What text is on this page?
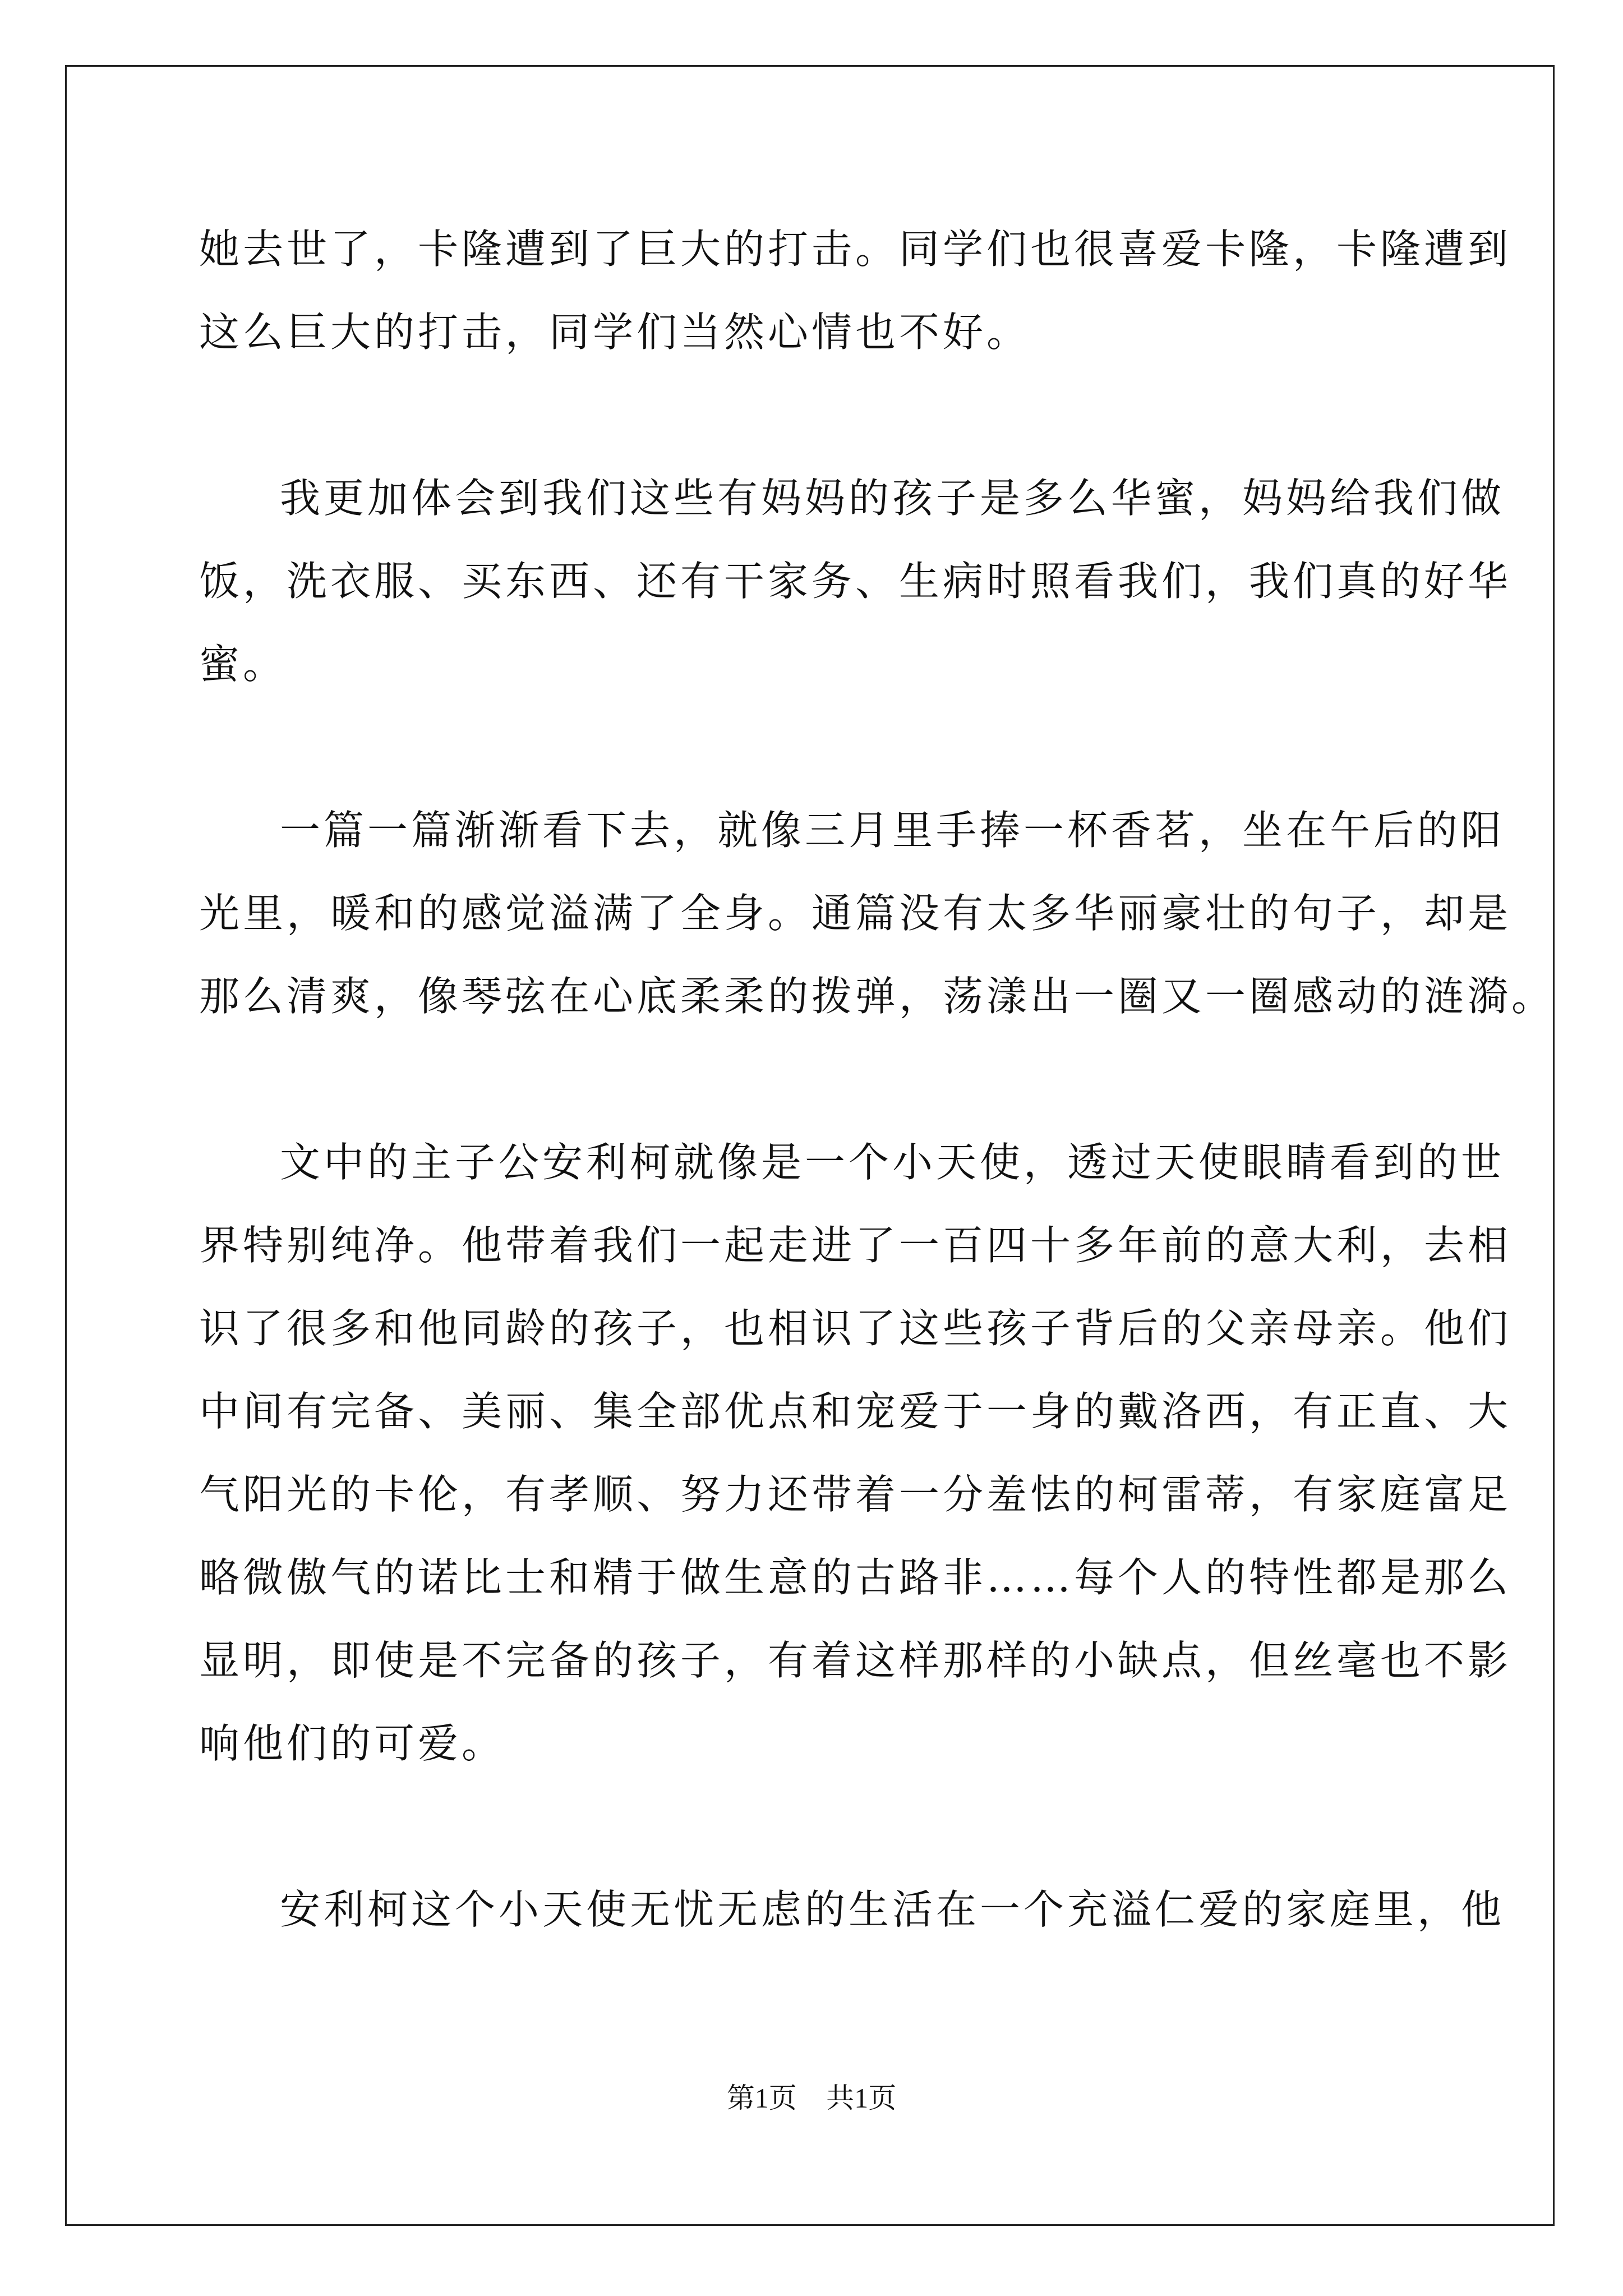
她去世了，卡隆遭到了巨大的打击。同学们也很喜爱卡隆，卡隆遭到
这么巨大的打击，同学们当然心情也不好。
我更加体会到我们这些有妈妈的孩子是多么华蜜，妈妈给我们做
饭，洗衣服、买东西、还有干家务、生病时照看我们，我们真的好华
蜜。
一篇一篇渐渐看下去，就像三月里手捧一杯香茗，坐在午后的阳
光里，暖和的感觉溢满了全身。通篇没有太多华丽豪壮的句子，却是
那么清爽，像琴弦在心底柔柔的拨弹，荡漾出一圈又一圈感动的涟漪。
文中的主子公安利柯就像是一个小天使，透过天使眼睛看到的世
界特别纯净。他带着我们一起走进了一百四十多年前的意大利，去相
识了很多和他同龄的孩子，也相识了这些孩子背后的父亲母亲。他们
中间有完备、美丽、集全部优点和宠爱于一身的戴洛西，有正直、大
气阳光的卡伦，有孝顺、努力还带着一分羞怯的柯雷蒂，有家庭富足
略微傲气的诺比士和精于做生意的古路非……每个人的特性都是那么
显明，即使是不完备的孩子，有着这样那样的小缺点，但丝毫也不影
响他们的可爱。
安利柯这个小天使无忧无虑的生活在一个充溢仁爱的家庭里，他
第1页 共1页
